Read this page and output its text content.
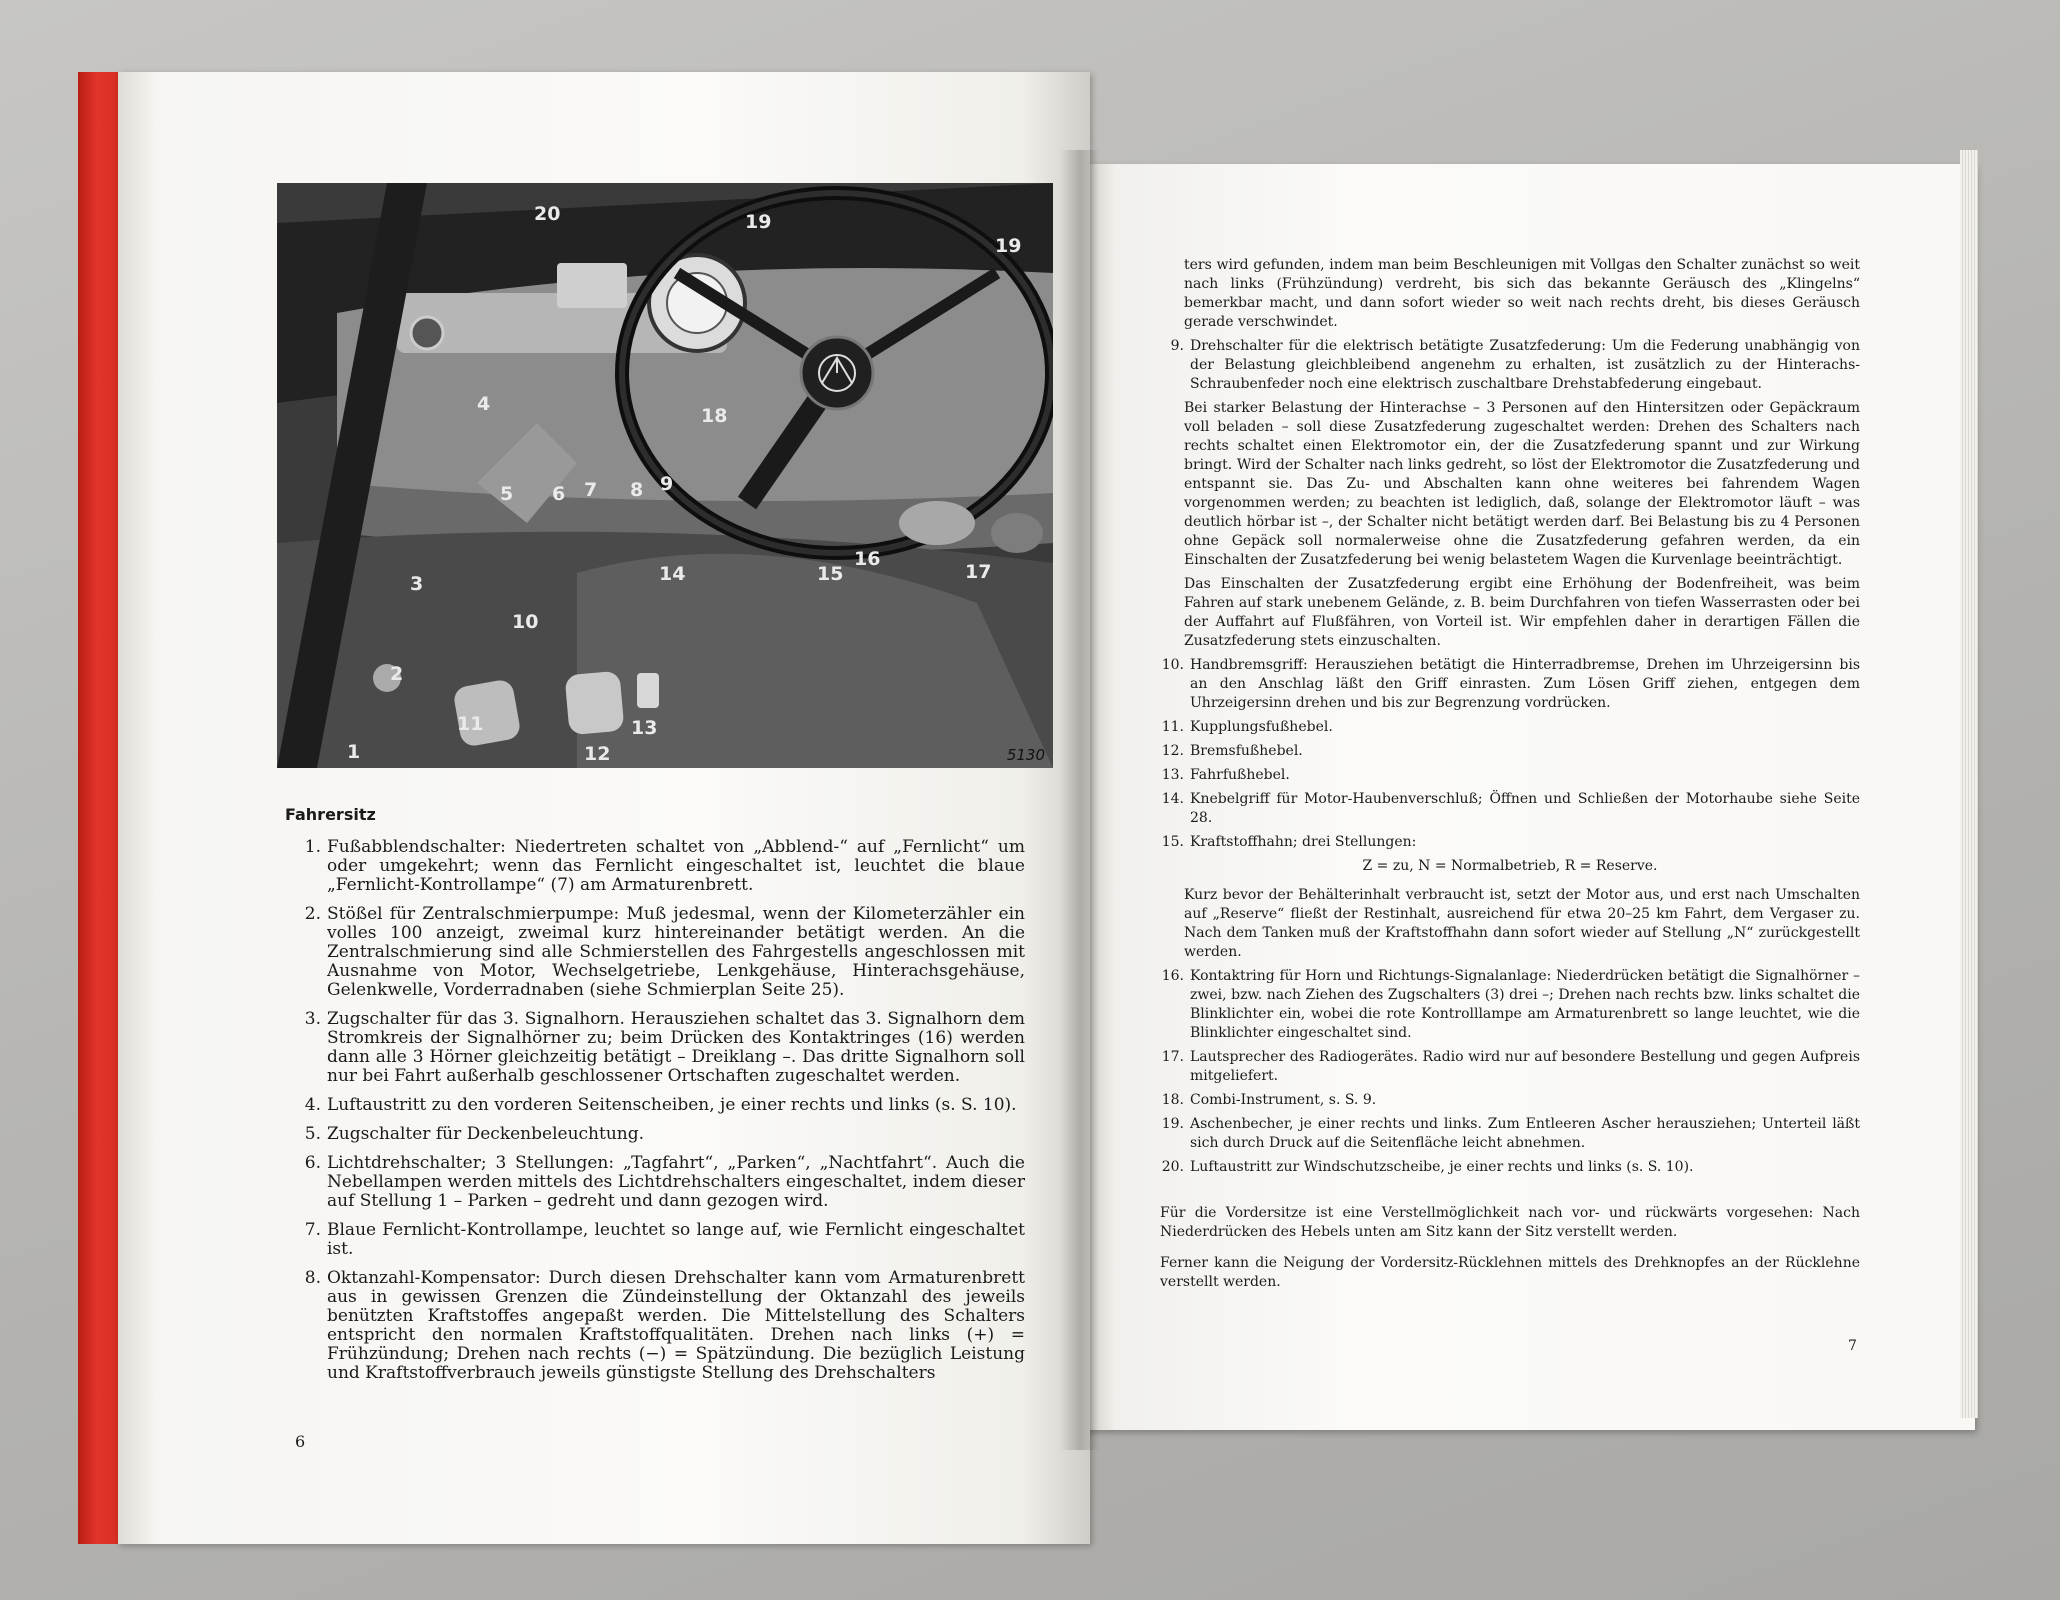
20	19
19
4
18
5 6 7 8 9
3	14	15
16
17
10
2
11
12
13
1	5130
Fahrersitz
1. Fußabblendschalter: Niedertreten schaltet von „Abblend-“ auf „Fernlicht“ um oder umgekehrt; wenn das Fernlicht eingeschaltet ist, leuchtet die blaue „Fernlicht-Kontrollampe“ (7) am Armaturenbrett.
2. Stößel für Zentralschmierpumpe: Muß jedesmal, wenn der Kilometerzähler ein volles 100 anzeigt, zweimal kurz hintereinander betätigt werden. An die Zentralschmierung sind alle Schmierstellen des Fahrgestells angeschlossen mit Ausnahme von Motor, Wechselgetriebe, Lenkgehäuse, Hinterachsgehäuse, Gelenkwelle, Vorderradnaben (siehe Schmierplan Seite 25).
3. Zugschalter für das 3. Signalhorn. Herausziehen schaltet das 3. Signalhorn dem Stromkreis der Signalhörner zu; beim Drücken des Kontaktringes (16) werden dann alle 3 Hörner gleichzeitig betätigt – Dreiklang –. Das dritte Signalhorn soll nur bei Fahrt außerhalb geschlossener Ortschaften zugeschaltet werden.
4. Luftaustritt zu den vorderen Seitenscheiben, je einer rechts und links (s. S. 10).
5. Zugschalter für Deckenbeleuchtung.
6. Lichtdrehschalter; 3 Stellungen: „Tagfahrt“, „Parken“, „Nachtfahrt“. Auch die Nebellampen werden mittels des Lichtdrehschalters eingeschaltet, indem dieser auf Stellung 1 – Parken – gedreht und dann gezogen wird.
7. Blaue Fernlicht-Kontrollampe, leuchtet so lange auf, wie Fernlicht eingeschaltet ist.
8. Oktanzahl-Kompensator: Durch diesen Drehschalter kann vom Armaturenbrett aus in gewissen Grenzen die Zündeinstellung der Oktanzahl des jeweils benützten Kraftstoffes angepaßt werden. Die Mittelstellung des Schalters entspricht den normalen Kraftstoffqualitäten. Drehen nach links (+) = Frühzündung; Drehen nach rechts (−) = Spätzündung. Die bezüglich Leistung und Kraftstoffverbrauch jeweils günstigste Stellung des Drehschalters
6
ters wird gefunden, indem man beim Beschleunigen mit Vollgas den Schalter zunächst so weit nach links (Frühzündung) verdreht, bis sich das bekannte Geräusch des „Klingelns“ bemerkbar macht, und dann sofort wieder so weit nach rechts dreht, bis dieses Geräusch gerade verschwindet.
9. Drehschalter für die elektrisch betätigte Zusatzfederung: Um die Federung unabhängig von der Belastung gleichbleibend angenehm zu erhalten, ist zusätzlich zu der Hinterachs-Schraubenfeder noch eine elektrisch zuschaltbare Drehstabfederung eingebaut.
Bei starker Belastung der Hinterachse – 3 Personen auf den Hintersitzen oder Gepäckraum voll beladen – soll diese Zusatzfederung zugeschaltet werden: Drehen des Schalters nach rechts schaltet einen Elektromotor ein, der die Zusatzfederung spannt und zur Wirkung bringt. Wird der Schalter nach links gedreht, so löst der Elektromotor die Zusatzfederung und entspannt sie. Das Zu- und Abschalten kann ohne weiteres bei fahrendem Wagen vorgenommen werden; zu beachten ist lediglich, daß, solange der Elektromotor läuft – was deutlich hörbar ist –, der Schalter nicht betätigt werden darf. Bei Belastung bis zu 4 Personen ohne Gepäck soll normalerweise ohne die Zusatzfederung gefahren werden, da ein Einschalten der Zusatzfederung bei wenig belastetem Wagen die Kurvenlage beeinträchtigt.
Das Einschalten der Zusatzfederung ergibt eine Erhöhung der Bodenfreiheit, was beim Fahren auf stark unebenem Gelände, z. B. beim Durchfahren von tiefen Wasserrasten oder bei der Auffahrt auf Flußfähren, von Vorteil ist. Wir empfehlen daher in derartigen Fällen die Zusatzfederung stets einzuschalten.
10. Handbremsgriff: Herausziehen betätigt die Hinterradbremse, Drehen im Uhrzeigersinn bis an den Anschlag läßt den Griff einrasten. Zum Lösen Griff ziehen, entgegen dem Uhrzeigersinn drehen und bis zur Begrenzung vordrücken.
11. Kupplungsfußhebel.
12. Bremsfußhebel.
13. Fahrfußhebel.
14. Knebelgriff für Motor-Haubenverschluß; Öffnen und Schließen der Motorhaube siehe Seite 28.
15. Kraftstoffhahn; drei Stellungen:
Z = zu, N = Normalbetrieb, R = Reserve.
Kurz bevor der Behälterinhalt verbraucht ist, setzt der Motor aus, und erst nach Umschalten auf „Reserve“ fließt der Restinhalt, ausreichend für etwa 20–25 km Fahrt, dem Vergaser zu. Nach dem Tanken muß der Kraftstoffhahn dann sofort wieder auf Stellung „N“ zurückgestellt werden.
16. Kontaktring für Horn und Richtungs-Signalanlage: Niederdrücken betätigt die Signalhörner – zwei, bzw. nach Ziehen des Zugschalters (3) drei –; Drehen nach rechts bzw. links schaltet die Blinklichter ein, wobei die rote Kontrolllampe am Armaturenbrett so lange leuchtet, wie die Blinklichter eingeschaltet sind.
17. Lautsprecher des Radiogerätes. Radio wird nur auf besondere Bestellung und gegen Aufpreis mitgeliefert.
18. Combi-Instrument, s. S. 9.
19. Aschenbecher, je einer rechts und links. Zum Entleeren Ascher herausziehen; Unterteil läßt sich durch Druck auf die Seitenfläche leicht abnehmen.
20. Luftaustritt zur Windschutzscheibe, je einer rechts und links (s. S. 10).
Für die Vordersitze ist eine Verstellmöglichkeit nach vor- und rückwärts vorgesehen: Nach Niederdrücken des Hebels unten am Sitz kann der Sitz verstellt werden.
Ferner kann die Neigung der Vordersitz-Rücklehnen mittels des Drehknopfes an der Rücklehne verstellt werden.
7
